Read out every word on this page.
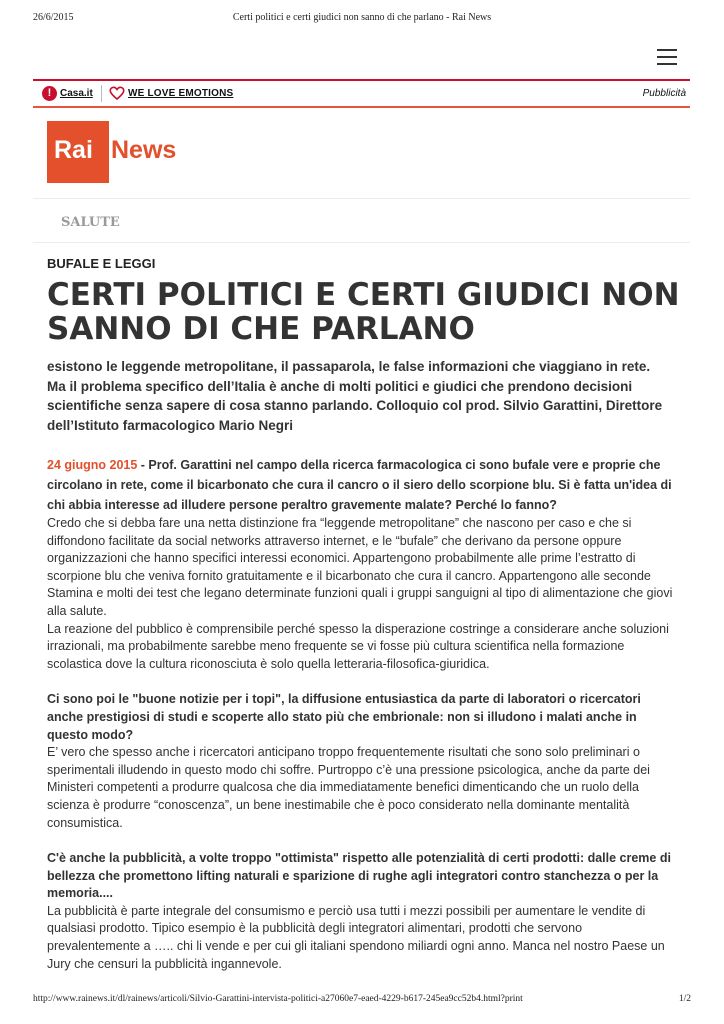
26/6/2015	Certi politici e certi giudici non sanno di che parlano - Rai News
! Casa.it	WE LOVE EMOTIONS	Pubblicità
Rai News
SALUTE
BUFALE E LEGGI
CERTI POLITICI E CERTI GIUDICI NON SANNO DI CHE PARLANO

esistono le leggende metropolitane, il passaparola, le false informazioni che viaggiano in rete. Ma il problema specifico dell’Italia è anche di molti politici e giudici che prendono decisioni scientifiche senza sapere di cosa stanno parlando. Colloquio col prod. Silvio Garattini, Direttore dell’Istituto farmacologico Mario Negri

24 giugno 2015 - Prof. Garattini nel campo della ricerca farmacologica ci sono bufale vere e proprie che circolano in rete, come il bicarbonato che cura il cancro o il siero dello scorpione blu. Si è fatta un'idea di chi abbia interesse ad illudere persone peraltro gravemente malate? Perché lo fanno?

Credo che si debba fare una netta distinzione fra “leggende metropolitane” che nascono per caso e che si diffondono facilitate da social networks attraverso internet, e le “bufale” che derivano da persone oppure organizzazioni che hanno specifici interessi economici. Appartengono probabilmente alle prime l’estratto di scorpione blu che veniva fornito gratuitamente e il bicarbonato che cura il cancro. Appartengono alle seconde Stamina e molti dei test che legano determinate funzioni quali i gruppi sanguigni al tipo di alimentazione che giovi alla salute.

La reazione del pubblico è comprensibile perché spesso la disperazione costringe a considerare anche soluzioni irrazionali, ma probabilmente sarebbe meno frequente se vi fosse più cultura scientifica nella formazione scolastica dove la cultura riconosciuta è solo quella letteraria-filosofica-giuridica.

Ci sono poi le "buone notizie per i topi", la diffusione entusiastica da parte di laboratori o ricercatori anche prestigiosi di studi e scoperte allo stato più che embrionale: non si illudono i malati anche in questo modo?

E’ vero che spesso anche i ricercatori anticipano troppo frequentemente risultati che sono solo preliminari o sperimentali illudendo in questo modo chi soffre. Purtroppo c’è una pressione psicologica, anche da parte dei Ministeri competenti a produrre qualcosa che dia immediatamente benefici dimenticando che un ruolo della scienza è produrre “conoscenza”, un bene inestimabile che è poco considerato nella dominante mentalità consumistica.

C'è anche la pubblicità, a volte troppo "ottimista" rispetto alle potenzialità di certi prodotti: dalle creme di bellezza che promettono lifting naturali e sparizione di rughe agli integratori contro stanchezza o per la memoria....

La pubblicità è parte integrale del consumismo e perciò usa tutti i mezzi possibili per aumentare le vendite di qualsiasi prodotto. Tipico esempio è la pubblicità degli integratori alimentari, prodotti che servono prevalentemente a ….. chi li vende e per cui gli italiani spendono miliardi ogni anno. Manca nel nostro Paese un Jury che censuri la pubblicità ingannevole.

http://www.rainews.it/dl/rainews/articoli/Silvio-Garattini-intervista-politici-a27060e7-eaed-4229-b617-245ea9cc52b4.html?print	1/2
